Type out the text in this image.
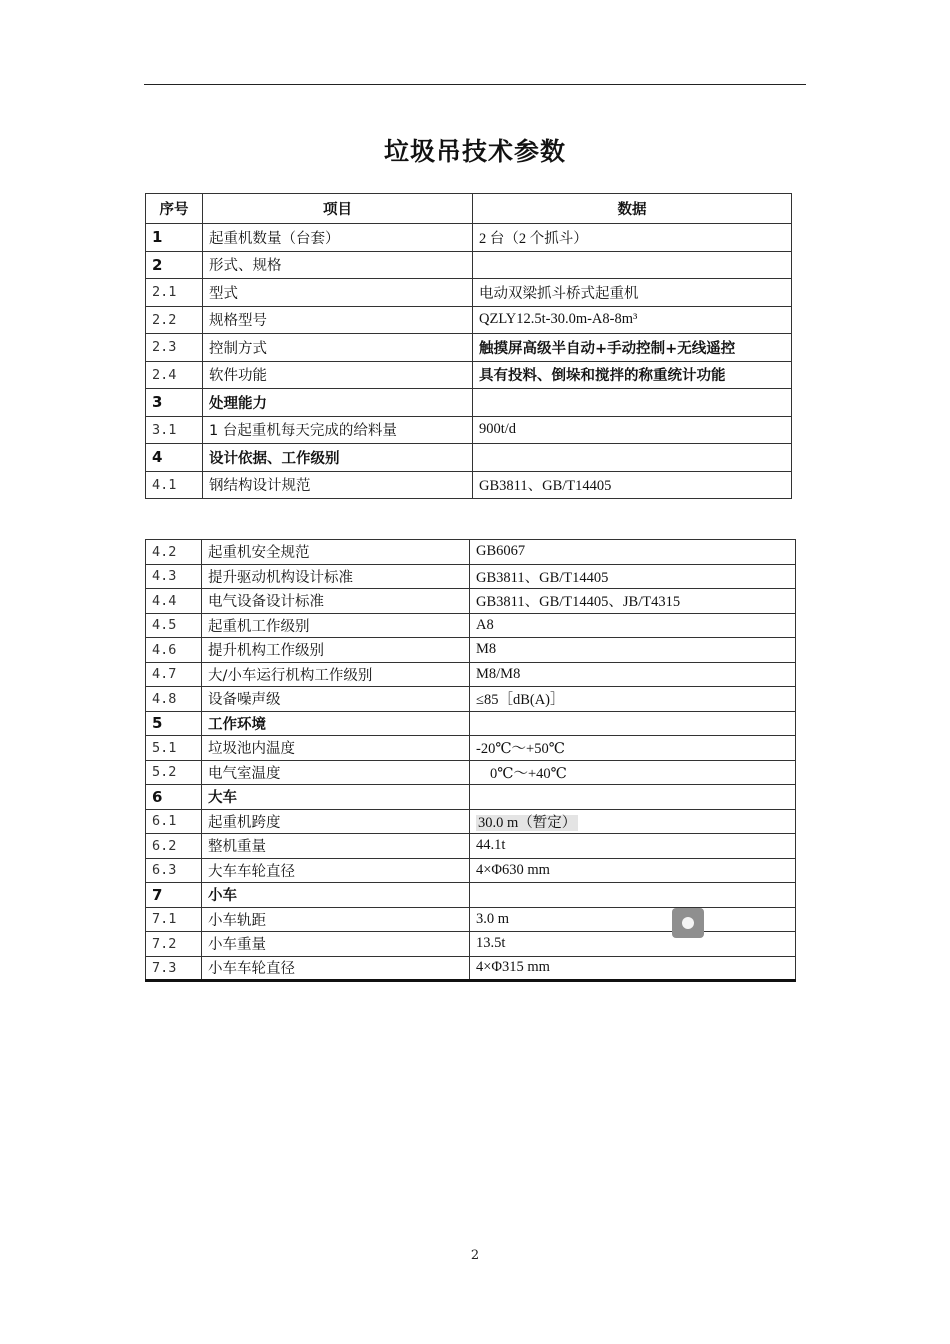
垃圾吊技术参数
序号	项目	数据
1	起重机数量（台套）	2 台（2 个抓斗）
2	形式、规格	
2.1	型式	电动双梁抓斗桥式起重机
2.2	规格型号	QZLY12.5t-30.0m-A8-8m³
2.3	控制方式	触摸屏高级半自动+手动控制+无线遥控
2.4	软件功能	具有投料、倒垛和搅拌的称重统计功能
3	处理能力	
3.1	1 台起重机每天完成的给料量	900t/d
4	设计依据、工作级别	
4.1	钢结构设计规范	GB3811、GB/T14405
4.2	起重机安全规范	GB6067
4.3	提升驱动机构设计标准	GB3811、GB/T14405
4.4	电气设备设计标准	GB3811、GB/T14405、JB/T4315
4.5	起重机工作级别	A8
4.6	提升机构工作级别	M8
4.7	大/小车运行机构工作级别	M8/M8
4.8	设备噪声级	≤85［dB(A)］
5	工作环境	
5.1	垃圾池内温度	-20℃～+50℃
5.2	电气室温度	0℃～+40℃
6	大车	
6.1	起重机跨度	30.0 m（暂定）
6.2	整机重量	44.1t
6.3	大车车轮直径	4×Φ630 mm
7	小车	
7.1	小车轨距	3.0 m
7.2	小车重量	13.5t
7.3	小车车轮直径	4×Φ315 mm
2
